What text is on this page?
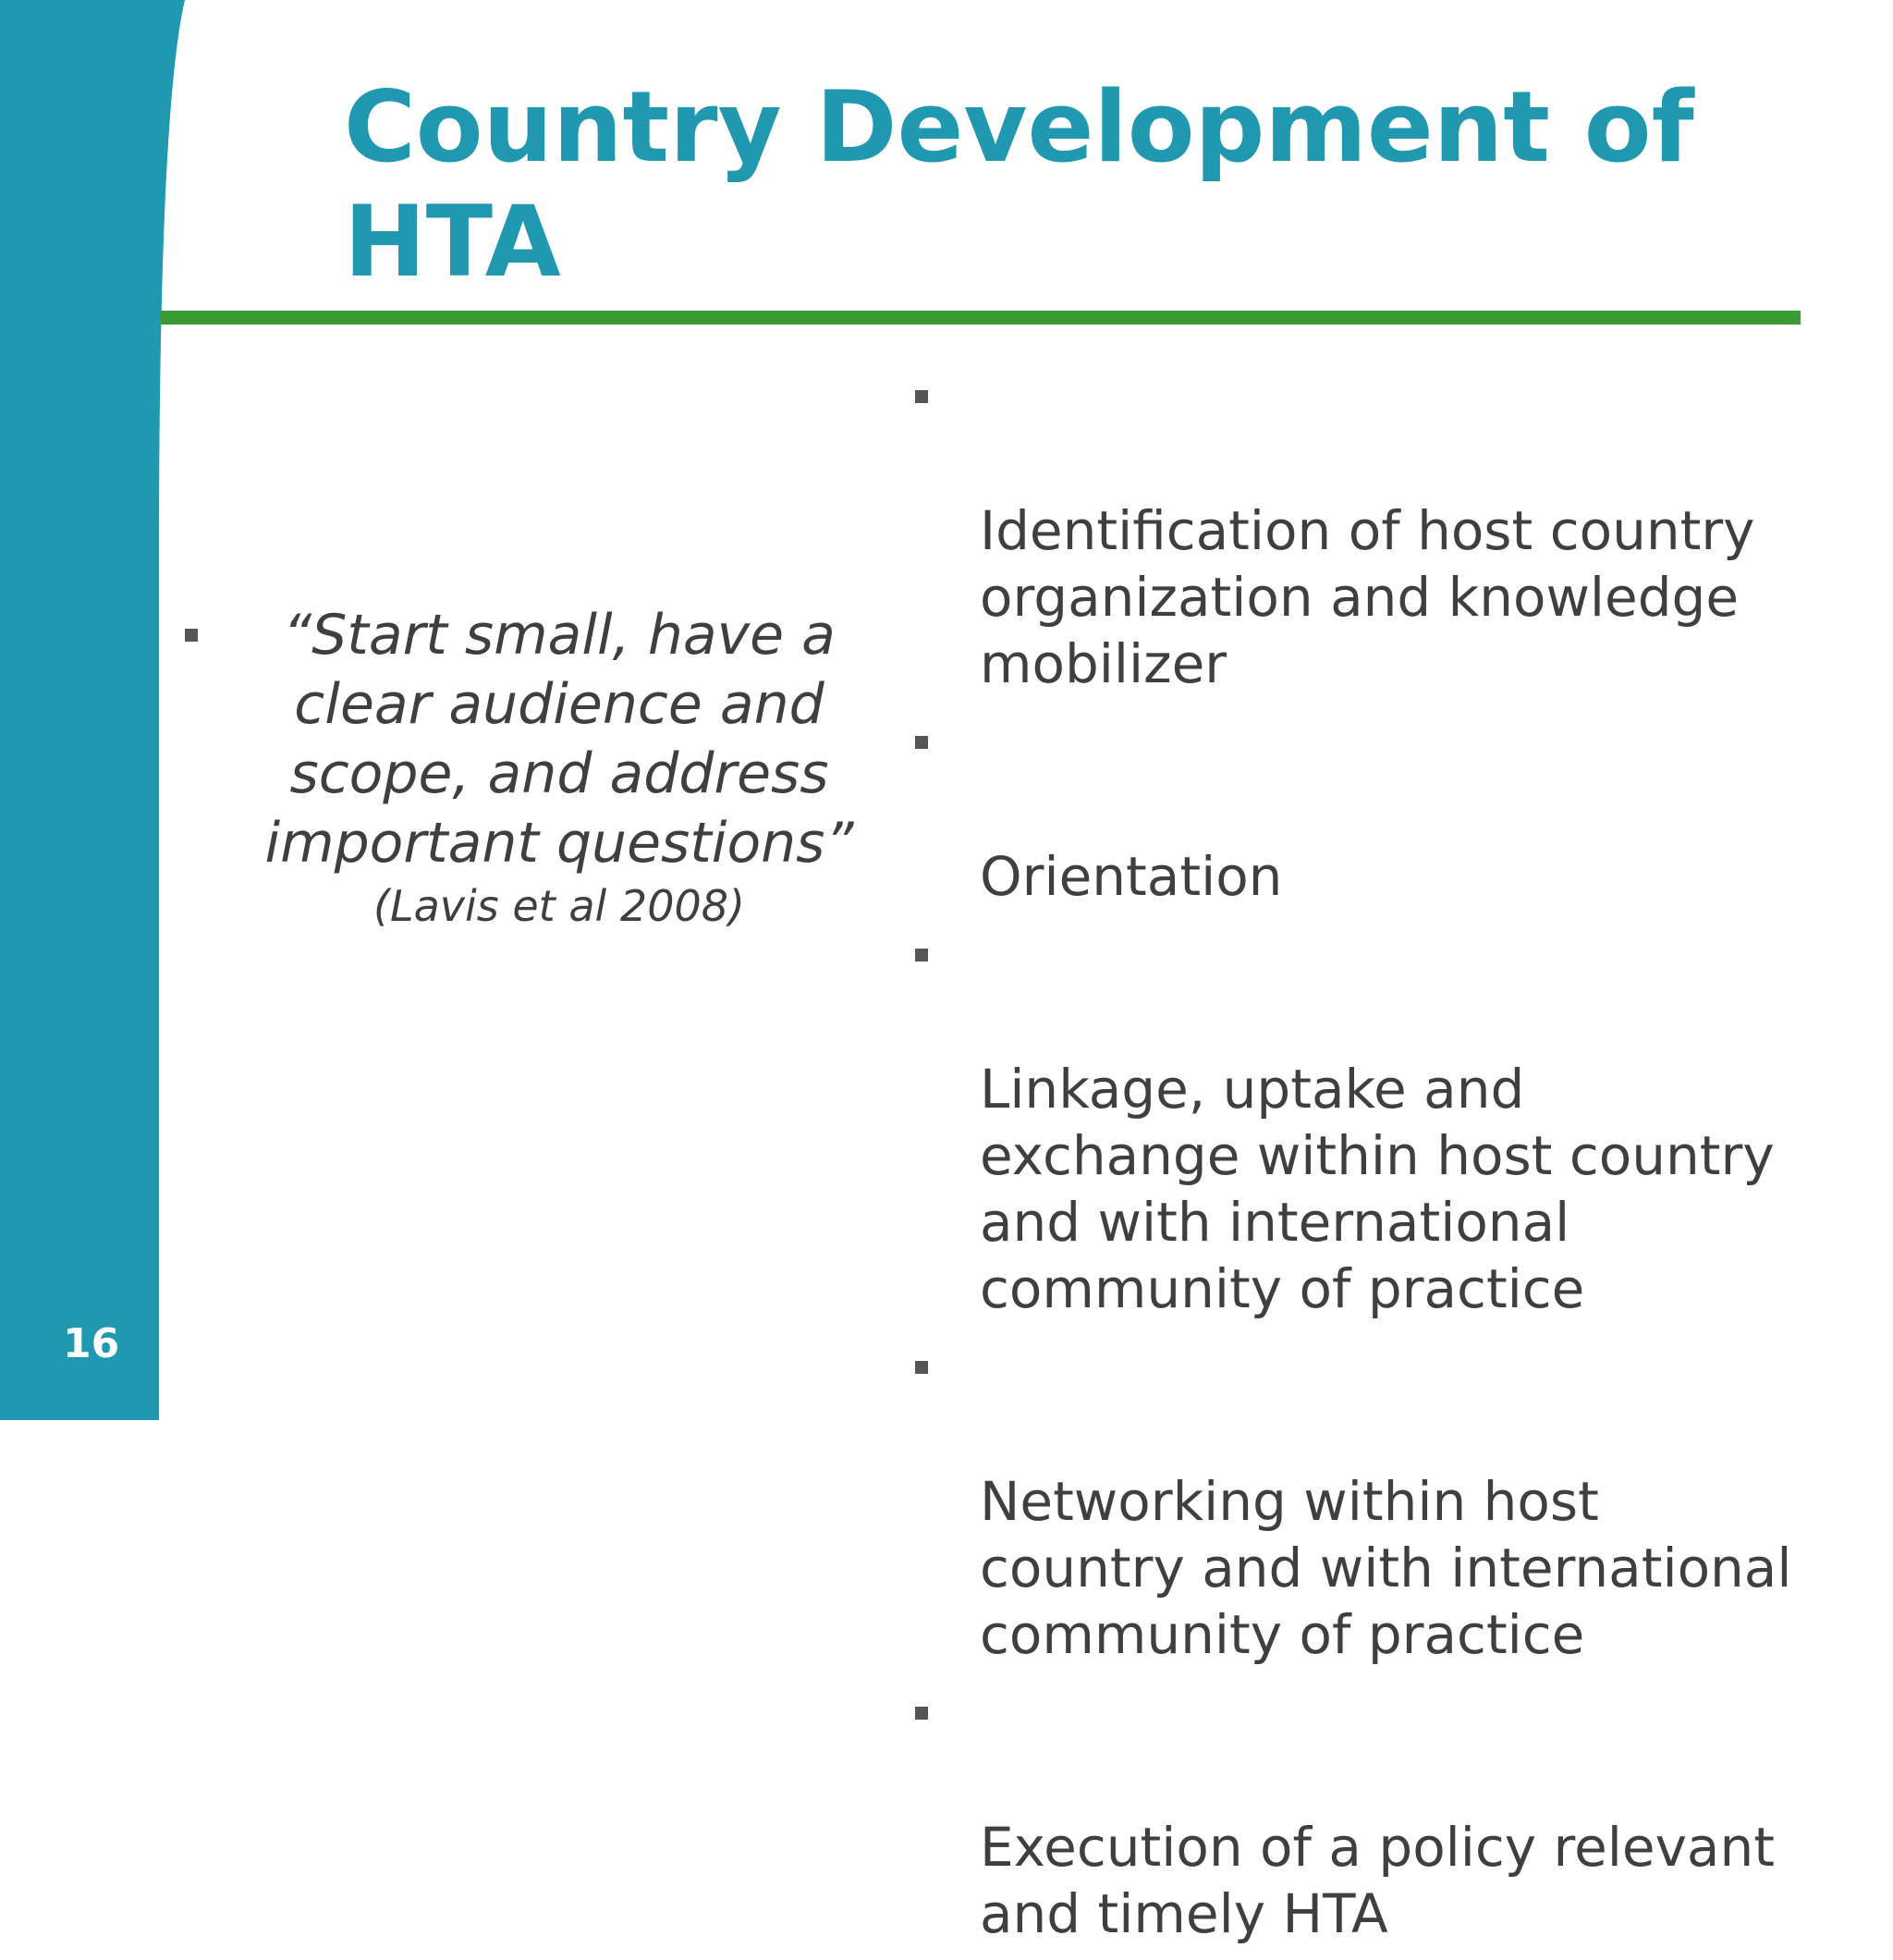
Country Development of
HTA
“Start small, have a
clear audience and
scope, and address
important questions”
(Lavis et al 2008)

Identification of host country
organization and knowledge
mobilizer

Orientation

Linkage, uptake and
exchange within host country
and with international
community of practice

Networking within host
country and with international
community of practice

Execution of a policy relevant
and timely HTA

16
